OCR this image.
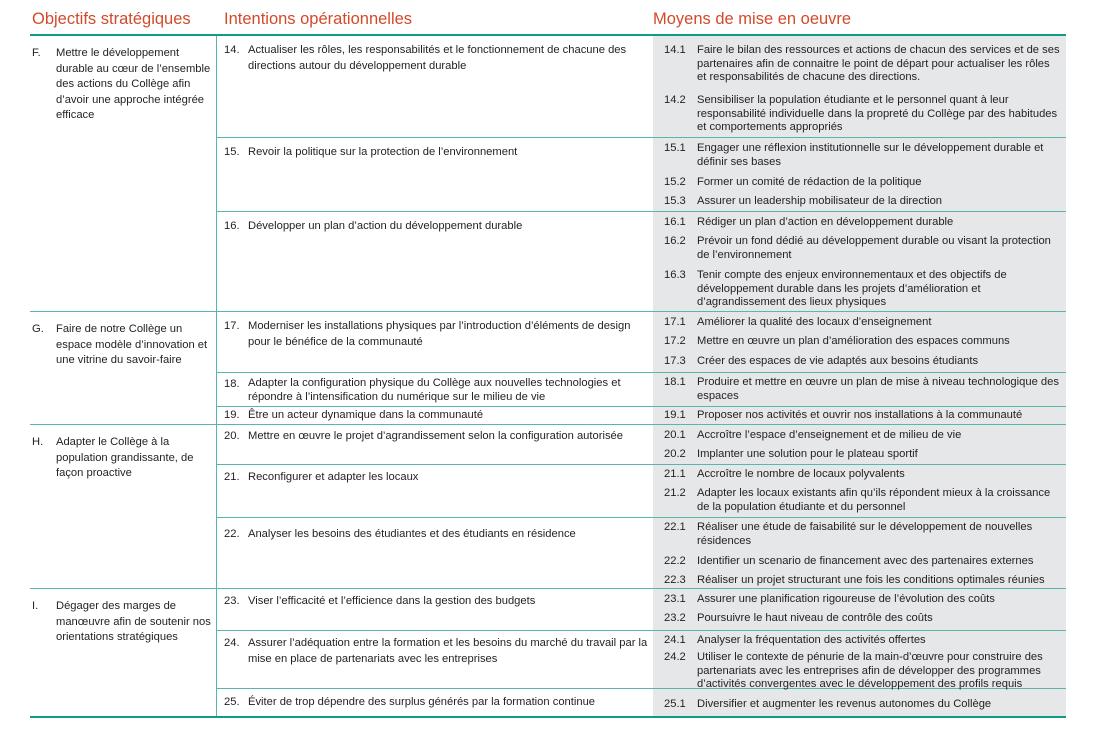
Objectifs stratégiques Intentions opérationnelles	Moyens de mise en oeuvre
F. Mettre le développement durable au cœur de l’ensemble des actions du Collège afin d’avoir une approche intégrée efficace
G. Faire de notre Collège un espace modèle d’innovation et une vitrine du savoir-faire
H. Adapter le Collège à la population grandissante, de façon proactive
I. Dégager des marges de manœuvre afin de soutenir nos orientations stratégiques
14. Actualiser les rôles, les responsabilités et le fonctionnement de chacune des directions autour du développement durable
15. Revoir la politique sur la protection de l’environnement
16. Développer un plan d’action du développement durable
17. Moderniser les installations physiques par l’introduction d’éléments de design pour le bénéfice de la communauté
18. Adapter la configuration physique du Collège aux nouvelles technologies et répondre à l’intensification du numérique sur le milieu de vie
19. Être un acteur dynamique dans la communauté
20. Mettre en œuvre le projet d’agrandissement selon la configuration autorisée
21. Reconfigurer et adapter les locaux
22. Analyser les besoins des étudiantes et des étudiants en résidence
23. Viser l’efficacité et l’efficience dans la gestion des budgets
24. Assurer l’adéquation entre la formation et les besoins du marché du travail par la mise en place de partenariats avec les entreprises
25. Éviter de trop dépendre des surplus générés par la formation continue
14.1 Faire le bilan des ressources et actions de chacun des services et de ses partenaires afin de connaitre le point de départ pour actualiser les rôles et responsabilités de chacune des directions.
14.2 Sensibiliser la population étudiante et le personnel quant à leur responsabilité individuelle dans la propreté du Collège par des habitudes et comportements appropriés
15.1 Engager une réflexion institutionnelle sur le développement durable et définir ses bases
15.2 Former un comité de rédaction de la politique
15.3 Assurer un leadership mobilisateur de la direction
16.1 Rédiger un plan d’action en développement durable
16.2 Prévoir un fond dédié au développement durable ou visant la protection de l’environnement
16.3 Tenir compte des enjeux environnementaux et des objectifs de développement durable dans les projets d’amélioration et d’agrandissement des lieux physiques
17.1 Améliorer la qualité des locaux d’enseignement
17.2 Mettre en œuvre un plan d’amélioration des espaces communs
17.3 Créer des espaces de vie adaptés aux besoins étudiants
18.1 Produire et mettre en œuvre un plan de mise à niveau technologique des espaces
19.1 Proposer nos activités et ouvrir nos installations à la communauté
20.1 Accroître l’espace d’enseignement et de milieu de vie
20.2 Implanter une solution pour le plateau sportif
21.1 Accroître le nombre de locaux polyvalents
21.2 Adapter les locaux existants afin qu’ils répondent mieux à la croissance de la population étudiante et du personnel
22.1 Réaliser une étude de faisabilité sur le développement de nouvelles résidences
22.2 Identifier un scenario de financement avec des partenaires externes
22.3 Réaliser un projet structurant une fois les conditions optimales réunies
23.1 Assurer une planification rigoureuse de l’évolution des coûts
23.2 Poursuivre le haut niveau de contrôle des coûts
24.1 Analyser la fréquentation des activités offertes
24.2 Utiliser le contexte de pénurie de la main-d’œuvre pour construire des partenariats avec les entreprises afin de développer des programmes d’activités convergentes avec le développement des profils requis
25.1 Diversifier et augmenter les revenus autonomes du Collège
